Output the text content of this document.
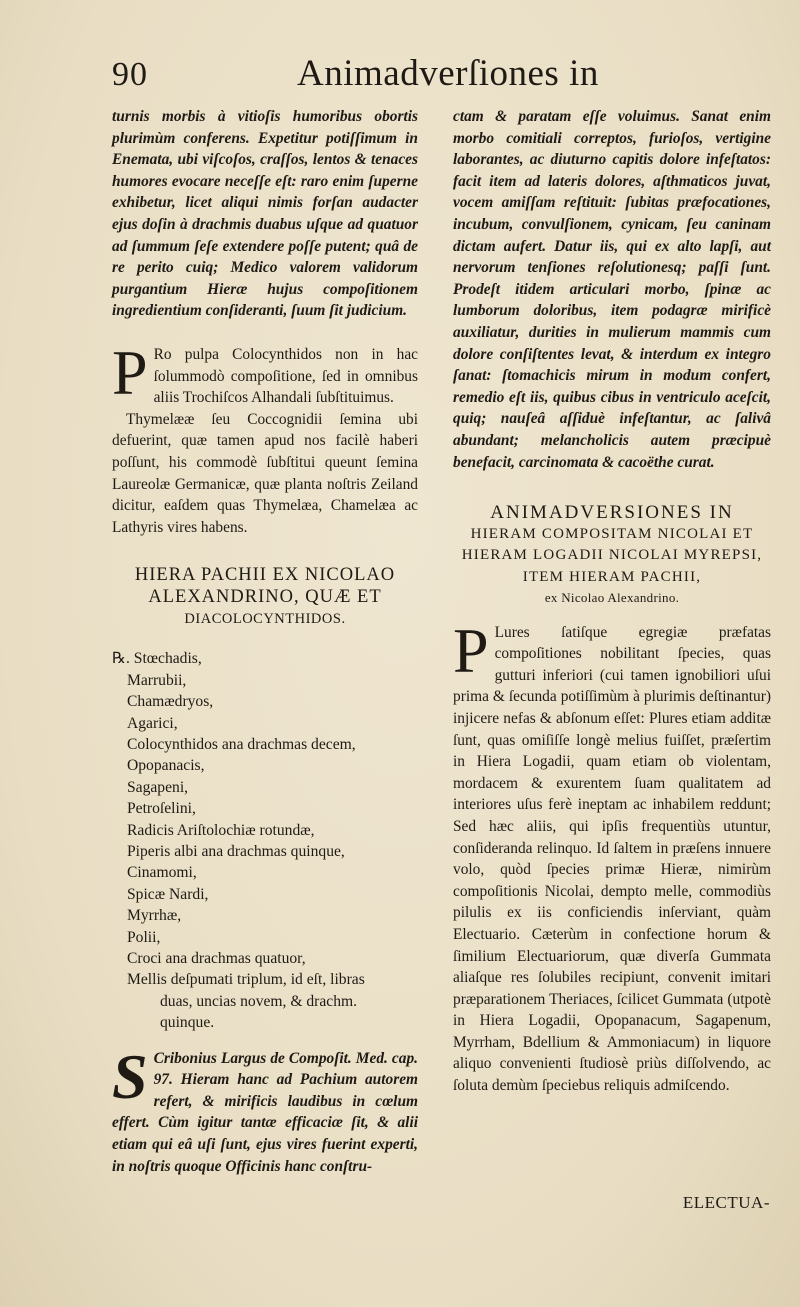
90	Animadverſiones in

turnis morbis à vitioſis humoribus obortis plurimùm conferens. Expetitur potiſſimum in Enemata, ubi viſcoſos, craſſos, lentos & tenaces humores evocare neceſſe eſt: raro enim ſuperne exhibetur, licet aliqui nimis forſan audacter ejus doſin à drachmis duabus uſque ad quatuor ad ſummum ſeſe extendere poſſe putent; quâ de re perito cuiq; Medico valorem validorum purgantium Hieræ hujus compoſitionem ingredientium conſideranti, ſuum ſit judicium.

P Ro pulpa Colocynthidos non in hac ſolummodò compoſitione, ſed in omnibus aliis Trochiſcos Alhandali ſubſtituimus.

Thymelææ ſeu Coccognidii ſemina ubi defuerint, quæ tamen apud nos facilè haberi poſſunt, his commodè ſubſtitui queunt ſemina Laureolæ Germanicæ, quæ planta noſtris Zeiland dicitur, eaſdem quas Thymelæa, Chamelæa ac Lathyris vires habens.

HIERA PACHII EX NICOLAO ALEXANDRINO, QUÆ ET
DIACOLOCYNTHIDOS.
℞. Stœchadis,
Marrubii,
Chamædryos,
Agarici,
Colocynthidos ana drachmas decem,
Opopanacis,
Sagapeni,
Petroſelini,
Radicis Ariſtolochiæ rotundæ,
Piperis albi ana drachmas quinque,
Cinamomi,
Spicæ Nardi,
Myrrhæ,
Polii,
Croci ana drachmas quatuor,
Mellis deſpumati triplum, id eſt, libras
duas, uncias novem, & drachm.
quinque.

S Cribonius Largus de Compoſit. Med. cap. 97. Hieram hanc ad Pachium autorem refert, & mirificis laudibus in cœlum effert. Cùm igitur tantæ efficaciæ ſit, & alii etiam qui eâ uſi ſunt, ejus vires fuerint experti, in noſtris quoque Officinis hanc conſtru-

ctam & paratam eſſe voluimus. Sanat enim morbo comitiali correptos, furioſos, vertigine laborantes, ac diuturno capitis dolore infeſtatos: facit item ad lateris dolores, aſthmaticos juvat, vocem amiſſam reſtituit: ſubitas præfocationes, incubum, convulſionem, cynicam, ſeu caninam dictam aufert. Datur iis, qui ex alto lapſi, aut nervorum tenſiones reſolutionesq; paſſi ſunt. Prodeſt itidem articulari morbo, ſpinæ ac lumborum doloribus, item podagræ mirificè auxiliatur, durities in mulierum mammis cum dolore conſiſtentes levat, & interdum ex integro ſanat: ſtomachicis mirum in modum confert, remedio eſt iis, quibus cibus in ventriculo aceſcit, quiq; nauſeâ aſſiduè infeſtantur, ac ſalivâ abundant; melancholicis autem præcipuè benefacit, carcinomata & cacoëthe curat.

ANIMADVERSIONES IN
HIERAM COMPOSITAM NICOLAI ET HIERAM LOGADII NICOLAI MYREPSI, ITEM HIERAM PACHII,
ex Nicolao Alexandrino.

P Lures ſatiſque egregiæ præfatas compoſitiones nobilitant ſpecies, quas gutturi inferiori (cui tamen ignobiliori uſui prima & ſecunda potiſſimùm à plurimis deſtinantur) injicere nefas & abſonum eſſet: Plures etiam additæ ſunt, quas omiſiſſe longè melius fuiſſet, præſertim in Hiera Logadii, quam etiam ob violentam, mordacem & exurentem ſuam qualitatem ad interiores uſus ferè ineptam ac inhabilem reddunt; Sed hæc aliis, qui ipſis frequentiùs utuntur, conſideranda relinquo. Id ſaltem in præſens innuere volo, quòd ſpecies primæ Hieræ, nimirùm compoſitionis Nicolai, dempto melle, commodiùs pilulis ex iis conficiendis inſerviant, quàm Electuario. Cæterùm in confectione horum & ſimilium Electuariorum, quæ diverſa Gummata aliaſque res ſolubiles recipiunt, convenit imitari præparationem Theriaces, ſcilicet Gummata (utpotè in Hiera Logadii, Opopanacum, Sagapenum, Myrrham, Bdellium & Ammoniacum) in liquore aliquo convenienti ſtudiosè priùs diſſolvendo, ac ſoluta demùm ſpeciebus reliquis admiſcendo.

ELECTUA-
